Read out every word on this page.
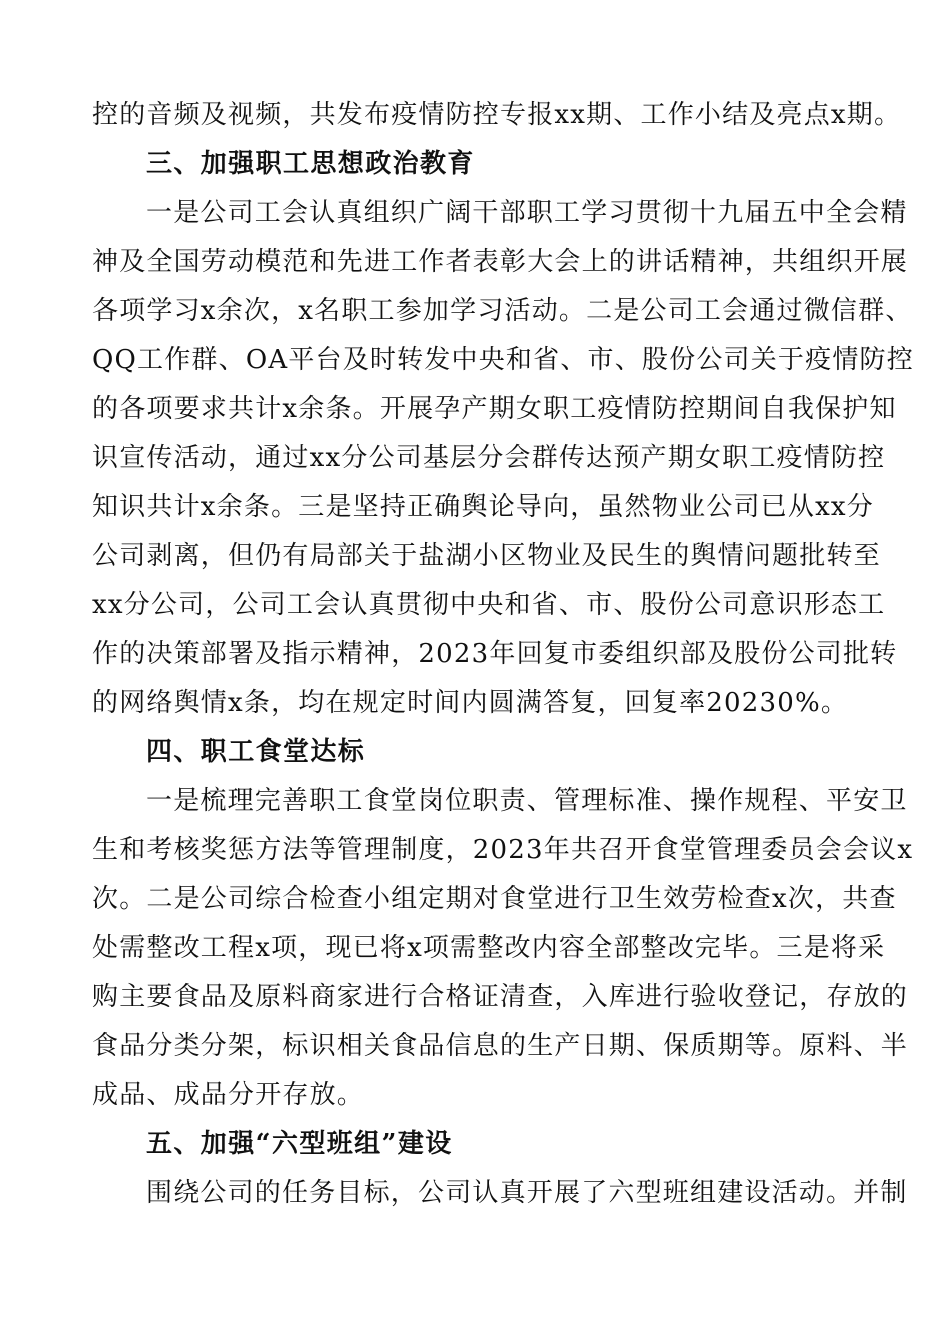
控的音频及视频，共发布疫情防控专报xx期、工作小结及亮点x期。
三、加强职工思想政治教育
一是公司工会认真组织广阔干部职工学习贯彻十九届五中全会精
神及全国劳动模范和先进工作者表彰大会上的讲话精神，共组织开展
各项学习x余次，x名职工参加学习活动。二是公司工会通过微信群、
QQ工作群、OA平台及时转发中央和省、市、股份公司关于疫情防控
的各项要求共计x余条。开展孕产期女职工疫情防控期间自我保护知
识宣传活动，通过xx分公司基层分会群传达预产期女职工疫情防控
知识共计x余条。三是坚持正确舆论导向，虽然物业公司已从xx分
公司剥离，但仍有局部关于盐湖小区物业及民生的舆情问题批转至
xx分公司，公司工会认真贯彻中央和省、市、股份公司意识形态工
作的决策部署及指示精神，2023年回复市委组织部及股份公司批转
的网络舆情x条，均在规定时间内圆满答复，回复率20230%。
四、职工食堂达标
一是梳理完善职工食堂岗位职责、管理标准、操作规程、平安卫
生和考核奖惩方法等管理制度，2023年共召开食堂管理委员会会议x
次。二是公司综合检查小组定期对食堂进行卫生效劳检查x次，共查
处需整改工程x项，现已将x项需整改内容全部整改完毕。三是将采
购主要食品及原料商家进行合格证清查，入库进行验收登记，存放的
食品分类分架，标识相关食品信息的生产日期、保质期等。原料、半
成品、成品分开存放。
五、加强“六型班组”建设
围绕公司的任务目标，公司认真开展了六型班组建设活动。并制
